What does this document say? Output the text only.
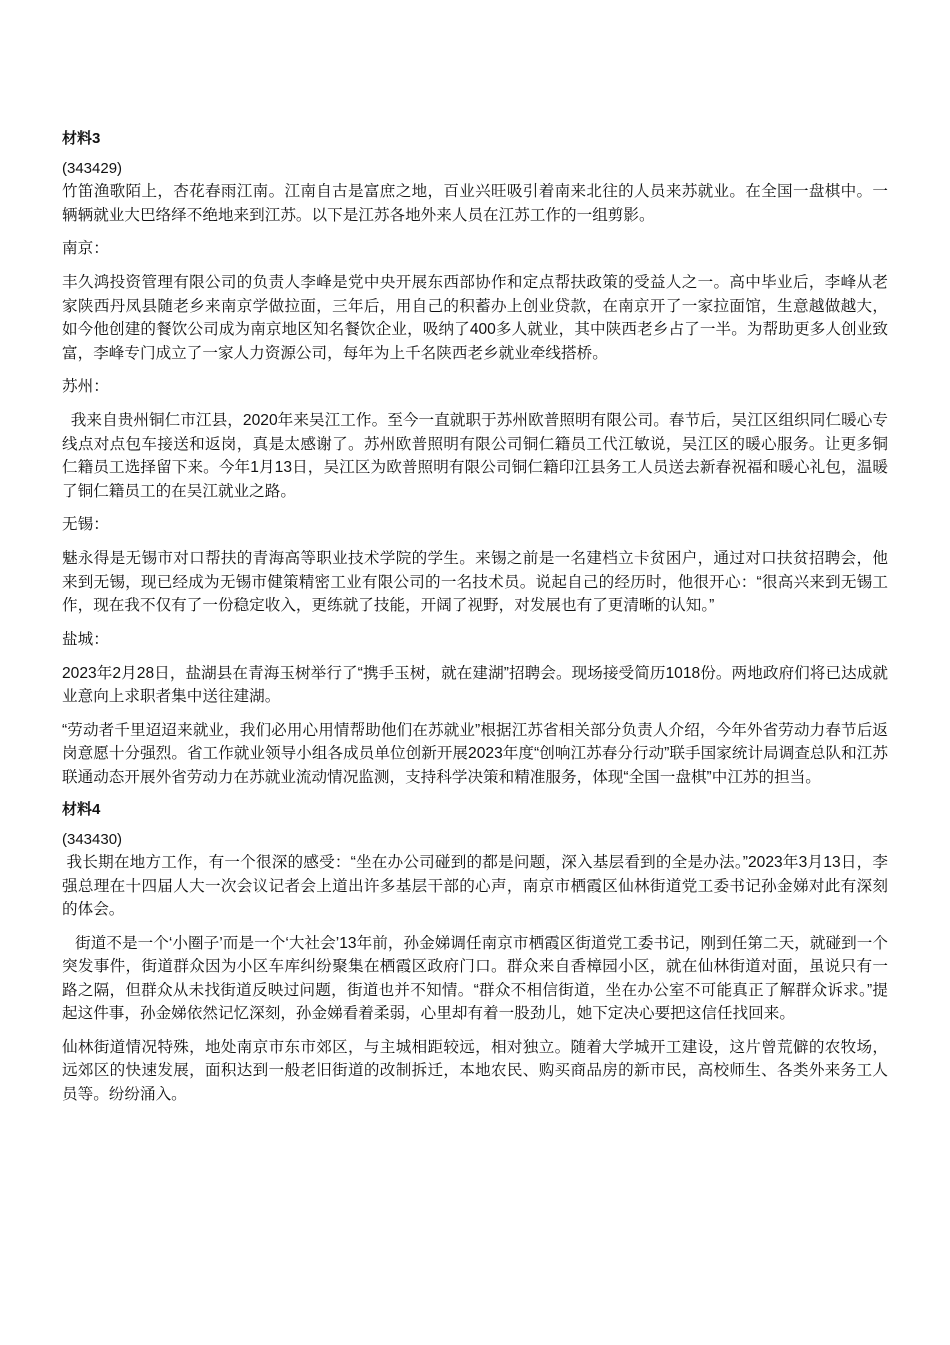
材料3
(343429)

竹笛渔歌陌上，杏花春雨江南。江南自古是富庶之地，百业兴旺吸引着南来北往的人员来苏就业。在全国一盘棋中。一辆辆就业大巴络绎不绝地来到江苏。以下是江苏各地外来人员在江苏工作的一组剪影。

南京：

丰久鸿投资管理有限公司的负责人李峰是党中央开展东西部协作和定点帮扶政策的受益人之一。高中毕业后，李峰从老家陕西丹凤县随老乡来南京学做拉面，三年后，用自己的积蓄办上创业贷款，在南京开了一家拉面馆，生意越做越大，如今他创建的餐饮公司成为南京地区知名餐饮企业，吸纳了400多人就业，其中陕西老乡占了一半。为帮助更多人创业致富，李峰专门成立了一家人力资源公司，每年为上千名陕西老乡就业牵线搭桥。

苏州：

我来自贵州铜仁市江县，2020年来吴江工作。至今一直就职于苏州欧普照明有限公司。春节后，吴江区组织同仁暖心专线点对点包车接送和返岗，真是太感谢了。苏州欧普照明有限公司铜仁籍员工代江敏说，吴江区的暖心服务。让更多铜仁籍员工选择留下来。今年1月13日，吴江区为欧普照明有限公司铜仁籍印江县务工人员送去新春祝福和暖心礼包，温暖了铜仁籍员工的在吴江就业之路。

无锡：

魅永得是无锡市对口帮扶的青海高等职业技术学院的学生。来锡之前是一名建档立卡贫困户，通过对口扶贫招聘会，他来到无锡，现已经成为无锡市健策精密工业有限公司的一名技术员。说起自己的经历时，他很开心：“很高兴来到无锡工作，现在我不仅有了一份稳定收入，更练就了技能，开阔了视野，对发展也有了更清晰的认知。”

盐城：

2023年2月28日，盐湖县在青海玉树举行了“携手玉树，就在建湖”招聘会。现场接受简历1018份。两地政府们将已达成就业意向上求职者集中送往建湖。

“劳动者千里迢迢来就业，我们必用心用情帮助他们在苏就业”根据江苏省相关部分负责人介绍，今年外省劳动力春节后返岗意愿十分强烈。省工作就业领导小组各成员单位创新开展2023年度“创响江苏春分行动”联手国家统计局调查总队和江苏联通动态开展外省劳动力在苏就业流动情况监测，支持科学决策和精准服务，体现“全国一盘棋”中江苏的担当。

材料4
(343430)

我长期在地方工作，有一个很深的感受：“坐在办公司碰到的都是问题，深入基层看到的全是办法。”2023年3月13日，李强总理在十四届人大一次会议记者会上道出许多基层干部的心声，南京市栖霞区仙林街道党工委书记孙金娣对此有深刻的体会。

街道不是一个‘小圈子’而是一个‘大社会’13年前，孙金娣调任南京市栖霞区街道党工委书记，刚到任第二天，就碰到一个突发事件，街道群众因为小区车库纠纷聚集在栖霞区政府门口。群众来自香樟园小区，就在仙林街道对面，虽说只有一路之隔，但群众从未找街道反映过问题，街道也并不知情。“群众不相信街道，坐在办公室不可能真正了解群众诉求。”提起这件事，孙金娣依然记忆深刻，孙金娣看着柔弱，心里却有着一股劲儿，她下定决心要把这信任找回来。

仙林街道情况特殊，地处南京市东市郊区，与主城相距较远，相对独立。随着大学城开工建设，这片曾荒僻的农牧场，远郊区的快速发展，面积达到一般老旧街道的改制拆迁，本地农民、购买商品房的新市民，高校师生、各类外来务工人员等。纷纷涌入。
